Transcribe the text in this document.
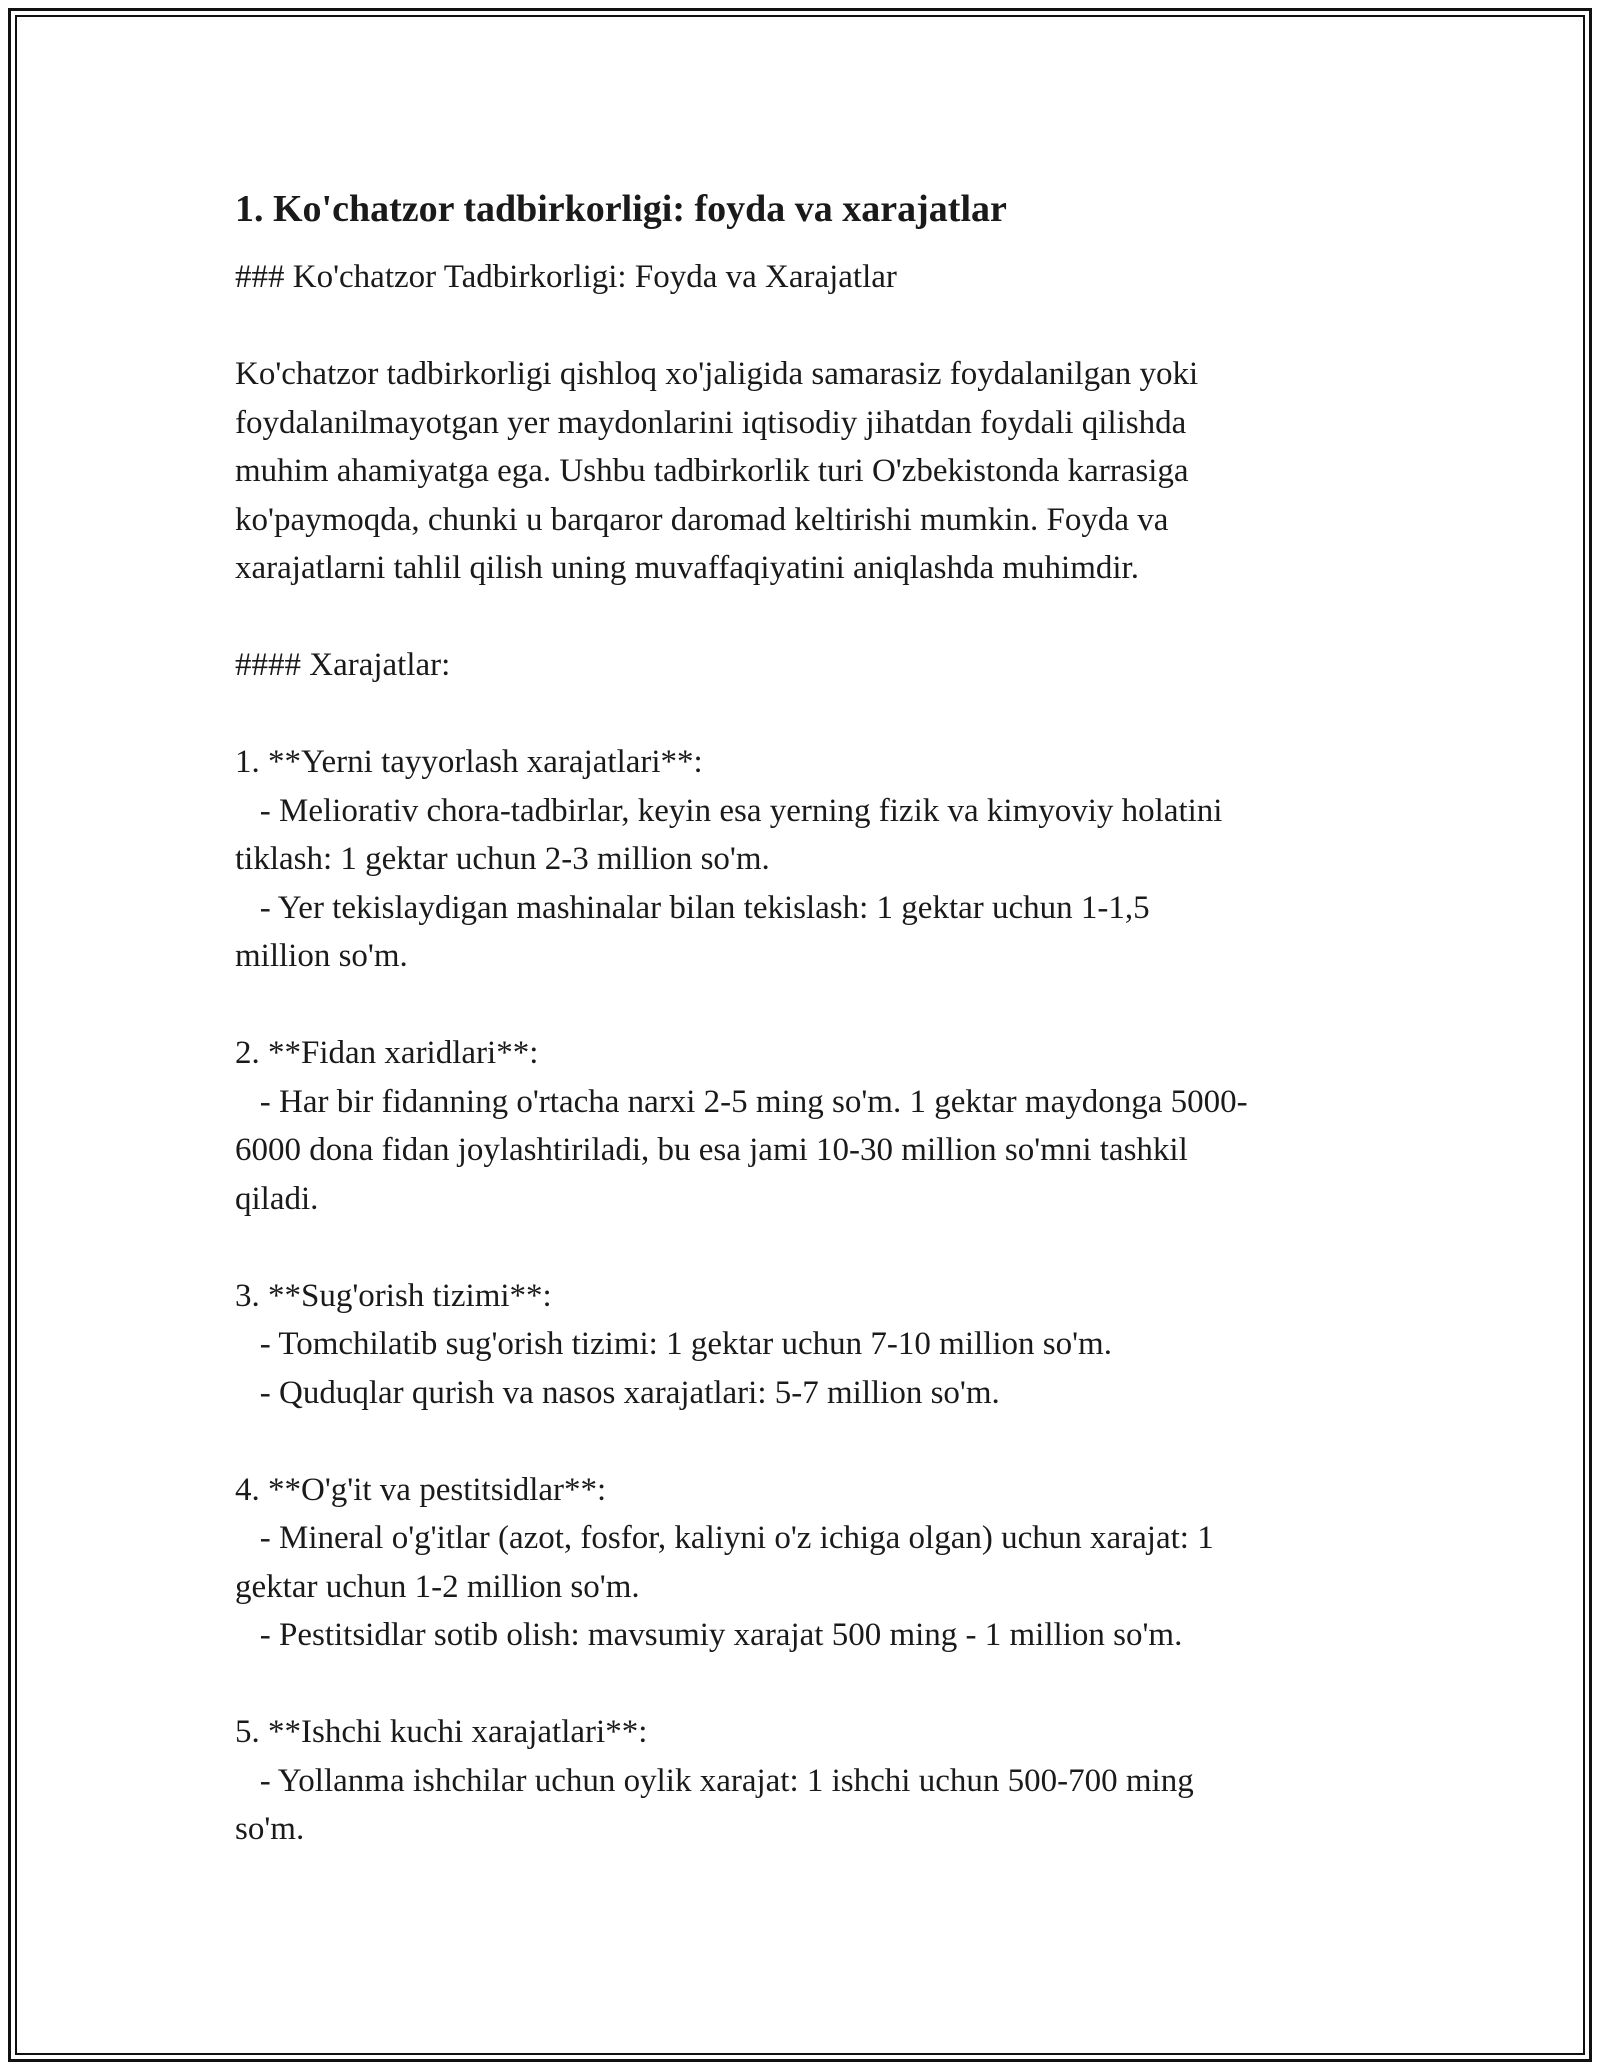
1. Ko'chatzor tadbirkorligi: foyda va xarajatlar

### Ko'chatzor Tadbirkorligi: Foyda va Xarajatlar

Ko'chatzor tadbirkorligi qishloq xo'jaligida samarasiz foydalanilgan yoki

foydalanilmayotgan yer maydonlarini iqtisodiy jihatdan foydali qilishda

muhim ahamiyatga ega. Ushbu tadbirkorlik turi O'zbekistonda karrasiga

ko'paymoqda, chunki u barqaror daromad keltirishi mumkin. Foyda va

xarajatlarni tahlil qilish uning muvaffaqiyatini aniqlashda muhimdir.

#### Xarajatlar:

1. **Yerni tayyorlash xarajatlari**:

- Meliorativ chora-tadbirlar, keyin esa yerning fizik va kimyoviy holatini

tiklash: 1 gektar uchun 2-3 million so'm.

- Yer tekislaydigan mashinalar bilan tekislash: 1 gektar uchun 1-1,5

million so'm.

2. **Fidan xaridlari**:

- Har bir fidanning o'rtacha narxi 2-5 ming so'm. 1 gektar maydonga 5000-

6000 dona fidan joylashtiriladi, bu esa jami 10-30 million so'mni tashkil

qiladi.

3. **Sug'orish tizimi**:

- Tomchilatib sug'orish tizimi: 1 gektar uchun 7-10 million so'm.

- Quduqlar qurish va nasos xarajatlari: 5-7 million so'm.

4. **O'g'it va pestitsidlar**:

- Mineral o'g'itlar (azot, fosfor, kaliyni o'z ichiga olgan) uchun xarajat: 1

gektar uchun 1-2 million so'm.

- Pestitsidlar sotib olish: mavsumiy xarajat 500 ming - 1 million so'm.

5. **Ishchi kuchi xarajatlari**:

- Yollanma ishchilar uchun oylik xarajat: 1 ishchi uchun 500-700 ming

so'm.
